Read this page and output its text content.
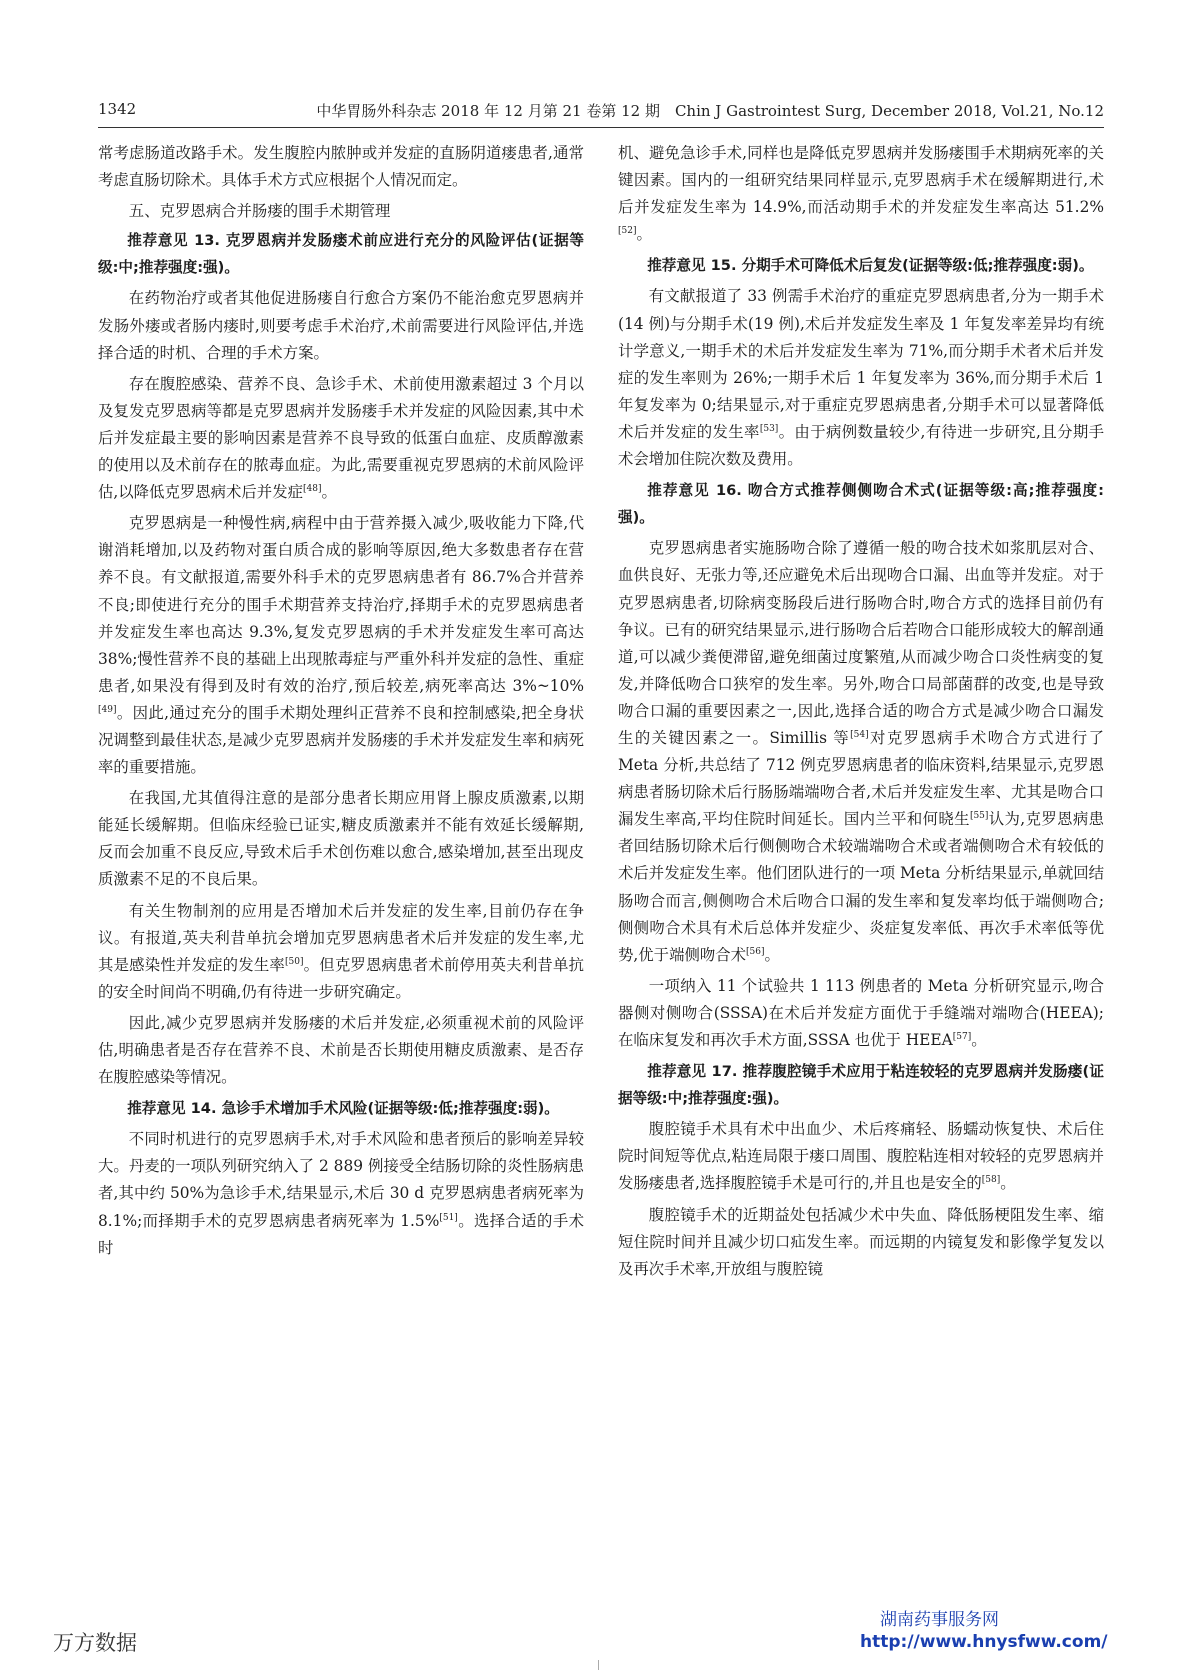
1342	中华胃肠外科杂志 2018 年 12 月第 21 卷第 12 期　Chin J Gastrointest Surg, December 2018, Vol.21, No.12

常考虑肠道改路手术。发生腹腔内脓肿或并发症的直肠阴道瘘患者,通常考虑直肠切除术。具体手术方式应根据个人情况而定。

五、克罗恩病合并肠瘘的围手术期管理

推荐意见 13. 克罗恩病并发肠瘘术前应进行充分的风险评估(证据等级:中;推荐强度:强)。

在药物治疗或者其他促进肠瘘自行愈合方案仍不能治愈克罗恩病并发肠外瘘或者肠内瘘时,则要考虑手术治疗,术前需要进行风险评估,并选择合适的时机、合理的手术方案。

存在腹腔感染、营养不良、急诊手术、术前使用激素超过 3 个月以及复发克罗恩病等都是克罗恩病并发肠瘘手术并发症的风险因素,其中术后并发症最主要的影响因素是营养不良导致的低蛋白血症、皮质醇激素的使用以及术前存在的脓毒血症。为此,需要重视克罗恩病的术前风险评估,以降低克罗恩病术后并发症[48]。

克罗恩病是一种慢性病,病程中由于营养摄入减少,吸收能力下降,代谢消耗增加,以及药物对蛋白质合成的影响等原因,绝大多数患者存在营养不良。有文献报道,需要外科手术的克罗恩病患者有 86.7%合并营养不良;即使进行充分的围手术期营养支持治疗,择期手术的克罗恩病患者并发症发生率也高达 9.3%,复发克罗恩病的手术并发症发生率可高达 38%;慢性营养不良的基础上出现脓毒症与严重外科并发症的急性、重症患者,如果没有得到及时有效的治疗,预后较差,病死率高达 3%~10%[49]。因此,通过充分的围手术期处理纠正营养不良和控制感染,把全身状况调整到最佳状态,是减少克罗恩病并发肠瘘的手术并发症发生率和病死率的重要措施。

在我国,尤其值得注意的是部分患者长期应用肾上腺皮质激素,以期能延长缓解期。但临床经验已证实,糖皮质激素并不能有效延长缓解期,反而会加重不良反应,导致术后手术创伤难以愈合,感染增加,甚至出现皮质激素不足的不良后果。

有关生物制剂的应用是否增加术后并发症的发生率,目前仍存在争议。有报道,英夫利昔单抗会增加克罗恩病患者术后并发症的发生率,尤其是感染性并发症的发生率[50]。但克罗恩病患者术前停用英夫利昔单抗的安全时间尚不明确,仍有待进一步研究确定。

因此,减少克罗恩病并发肠瘘的术后并发症,必须重视术前的风险评估,明确患者是否存在营养不良、术前是否长期使用糖皮质激素、是否存在腹腔感染等情况。

推荐意见 14. 急诊手术增加手术风险(证据等级:低;推荐强度:弱)。

不同时机进行的克罗恩病手术,对手术风险和患者预后的影响差异较大。丹麦的一项队列研究纳入了 2 889 例接受全结肠切除的炎性肠病患者,其中约 50%为急诊手术,结果显示,术后 30 d 克罗恩病患者病死率为 8.1%;而择期手术的克罗恩病患者病死率为 1.5%[51]。选择合适的手术时

机、避免急诊手术,同样也是降低克罗恩病并发肠瘘围手术期病死率的关键因素。国内的一组研究结果同样显示,克罗恩病手术在缓解期进行,术后并发症发生率为 14.9%,而活动期手术的并发症发生率高达 51.2%[52]。

推荐意见 15. 分期手术可降低术后复发(证据等级:低;推荐强度:弱)。

有文献报道了 33 例需手术治疗的重症克罗恩病患者,分为一期手术(14 例)与分期手术(19 例),术后并发症发生率及 1 年复发率差异均有统计学意义,一期手术的术后并发症发生率为 71%,而分期手术者术后并发症的发生率则为 26%;一期手术后 1 年复发率为 36%,而分期手术后 1 年复发率为 0;结果显示,对于重症克罗恩病患者,分期手术可以显著降低术后并发症的发生率[53]。由于病例数量较少,有待进一步研究,且分期手术会增加住院次数及费用。

推荐意见 16. 吻合方式推荐侧侧吻合术式(证据等级:高;推荐强度:强)。

克罗恩病患者实施肠吻合除了遵循一般的吻合技术如浆肌层对合、血供良好、无张力等,还应避免术后出现吻合口漏、出血等并发症。对于克罗恩病患者,切除病变肠段后进行肠吻合时,吻合方式的选择目前仍有争议。已有的研究结果显示,进行肠吻合后若吻合口能形成较大的解剖通道,可以减少粪便滞留,避免细菌过度繁殖,从而减少吻合口炎性病变的复发,并降低吻合口狭窄的发生率。另外,吻合口局部菌群的改变,也是导致吻合口漏的重要因素之一,因此,选择合适的吻合方式是减少吻合口漏发生的关键因素之一。Simillis 等[54]对克罗恩病手术吻合方式进行了 Meta 分析,共总结了 712 例克罗恩病患者的临床资料,结果显示,克罗恩病患者肠切除术后行肠肠端端吻合者,术后并发症发生率、尤其是吻合口漏发生率高,平均住院时间延长。国内兰平和何晓生[55]认为,克罗恩病患者回结肠切除术后行侧侧吻合术较端端吻合术或者端侧吻合术有较低的术后并发症发生率。他们团队进行的一项 Meta 分析结果显示,单就回结肠吻合而言,侧侧吻合术后吻合口漏的发生率和复发率均低于端侧吻合;侧侧吻合术具有术后总体并发症少、炎症复发率低、再次手术率低等优势,优于端侧吻合术[56]。

一项纳入 11 个试验共 1 113 例患者的 Meta 分析研究显示,吻合器侧对侧吻合(SSSA)在术后并发症方面优于手缝端对端吻合(HEEA);在临床复发和再次手术方面,SSSA 也优于 HEEA[57]。

推荐意见 17. 推荐腹腔镜手术应用于粘连较轻的克罗恩病并发肠瘘(证据等级:中;推荐强度:强)。

腹腔镜手术具有术中出血少、术后疼痛轻、肠蠕动恢复快、术后住院时间短等优点,粘连局限于瘘口周围、腹腔粘连相对较轻的克罗恩病并发肠瘘患者,选择腹腔镜手术是可行的,并且也是安全的[58]。

腹腔镜手术的近期益处包括减少术中失血、降低肠梗阻发生率、缩短住院时间并且减少切口疝发生率。而远期的内镜复发和影像学复发以及再次手术率,开放组与腹腔镜

万方数据
湖南药事服务网
http://www.hnysfww.com/
